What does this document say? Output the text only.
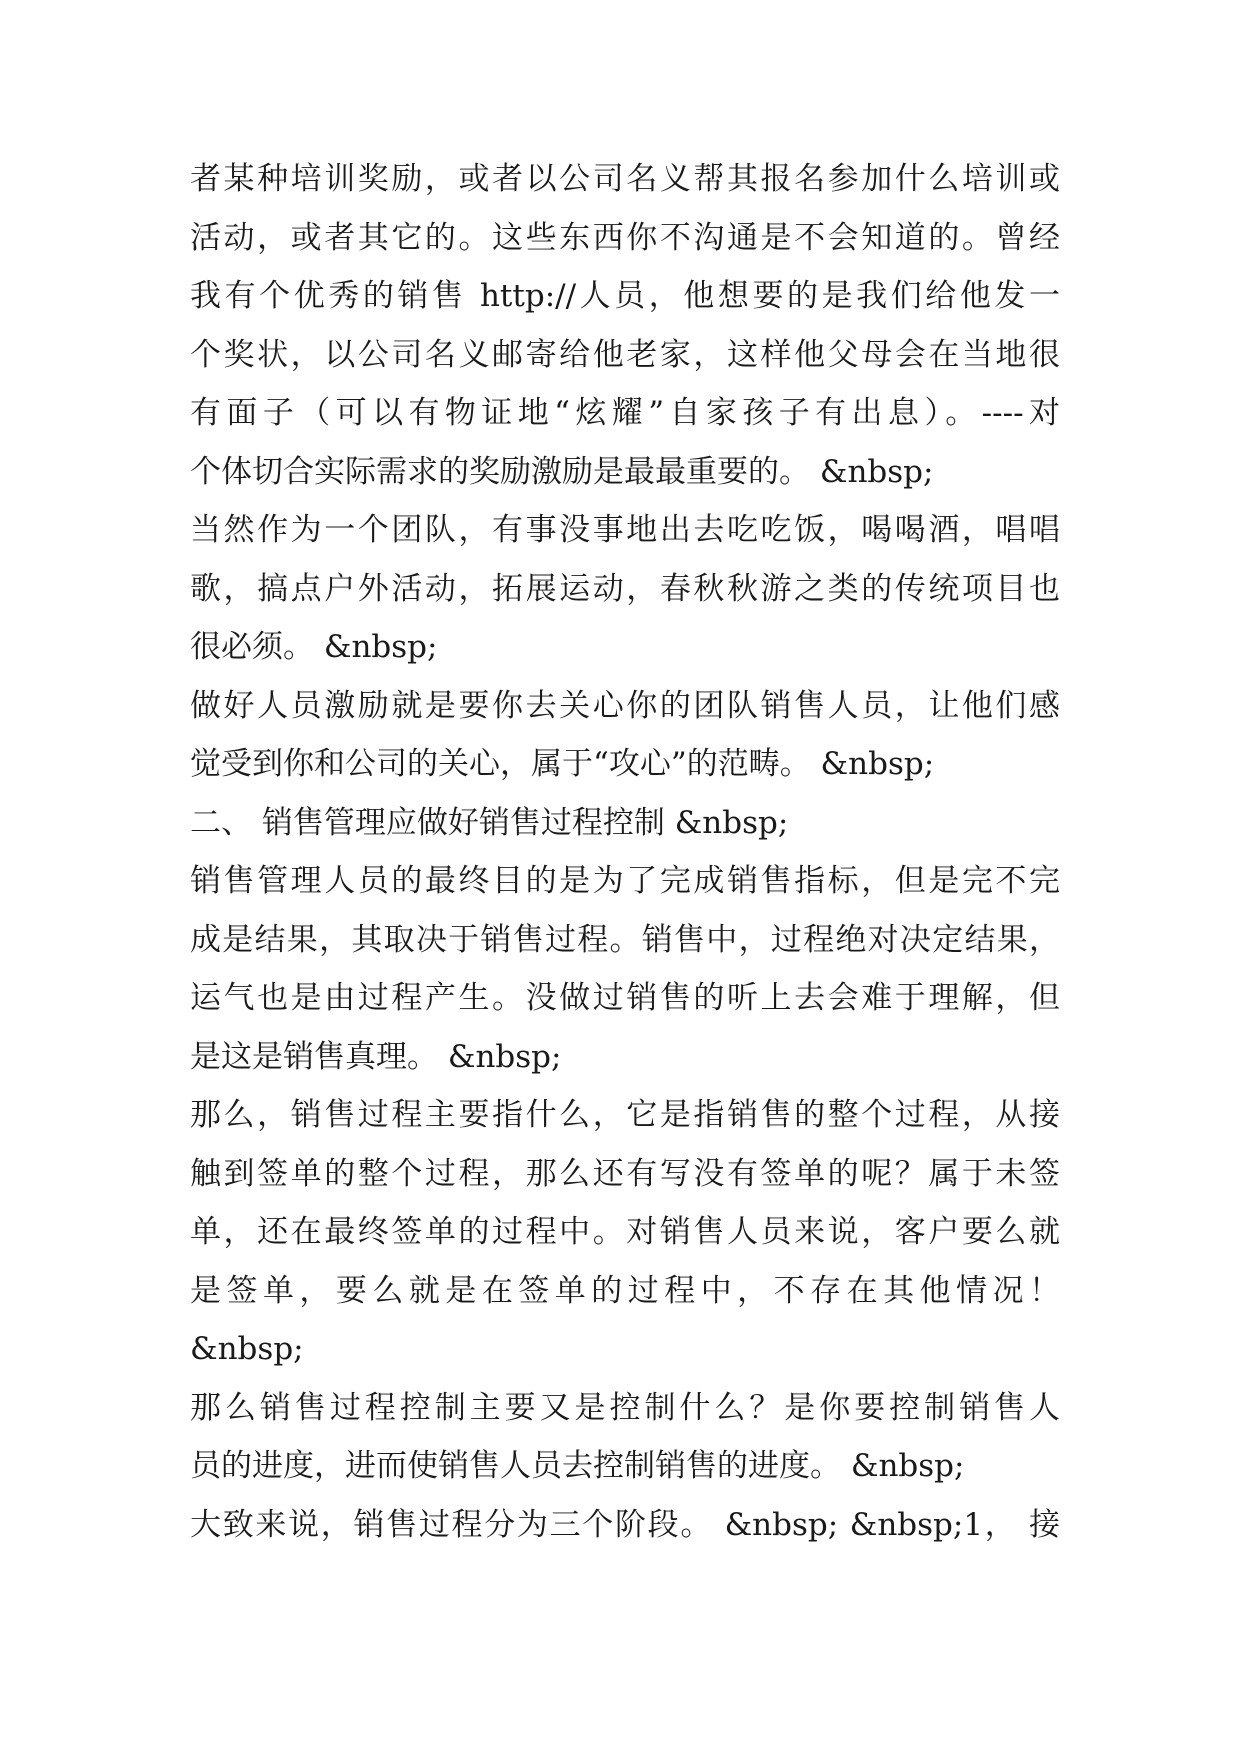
者某种培训奖励，或者以公司名义帮其报名参加什么培训或
活动，或者其它的。这些东西你不沟通是不会知道的。曾经
我有个优秀的销售 http://人员，他想要的是我们给他发一
个奖状，以公司名义邮寄给他老家，这样他父母会在当地很
有面子（可以有物证地“炫耀”自家孩子有出息）。----对
个体切合实际需求的奖励激励是最最重要的。 &nbsp;
当然作为一个团队，有事没事地出去吃吃饭，喝喝酒，唱唱
歌，搞点户外活动，拓展运动，春秋秋游之类的传统项目也
很必须。 &nbsp;
做好人员激励就是要你去关心你的团队销售人员，让他们感
觉受到你和公司的关心，属于“攻心”的范畴。 &nbsp;
二、 销售管理应做好销售过程控制 &nbsp;
销售管理人员的最终目的是为了完成销售指标，但是完不完
成是结果，其取决于销售过程。销售中，过程绝对决定结果，
运气也是由过程产生。没做过销售的听上去会难于理解，但
是这是销售真理。 &nbsp;
那么，销售过程主要指什么，它是指销售的整个过程，从接
触到签单的整个过程，那么还有写没有签单的呢？属于未签
单，还在最终签单的过程中。对销售人员来说，客户要么就
是签单，要么就是在签单的过程中，不存在其他情况！
&nbsp;
那么销售过程控制主要又是控制什么？是你要控制销售人
员的进度，进而使销售人员去控制销售的进度。 &nbsp;
大致来说，销售过程分为三个阶段。 &nbsp; &nbsp;1， 接
